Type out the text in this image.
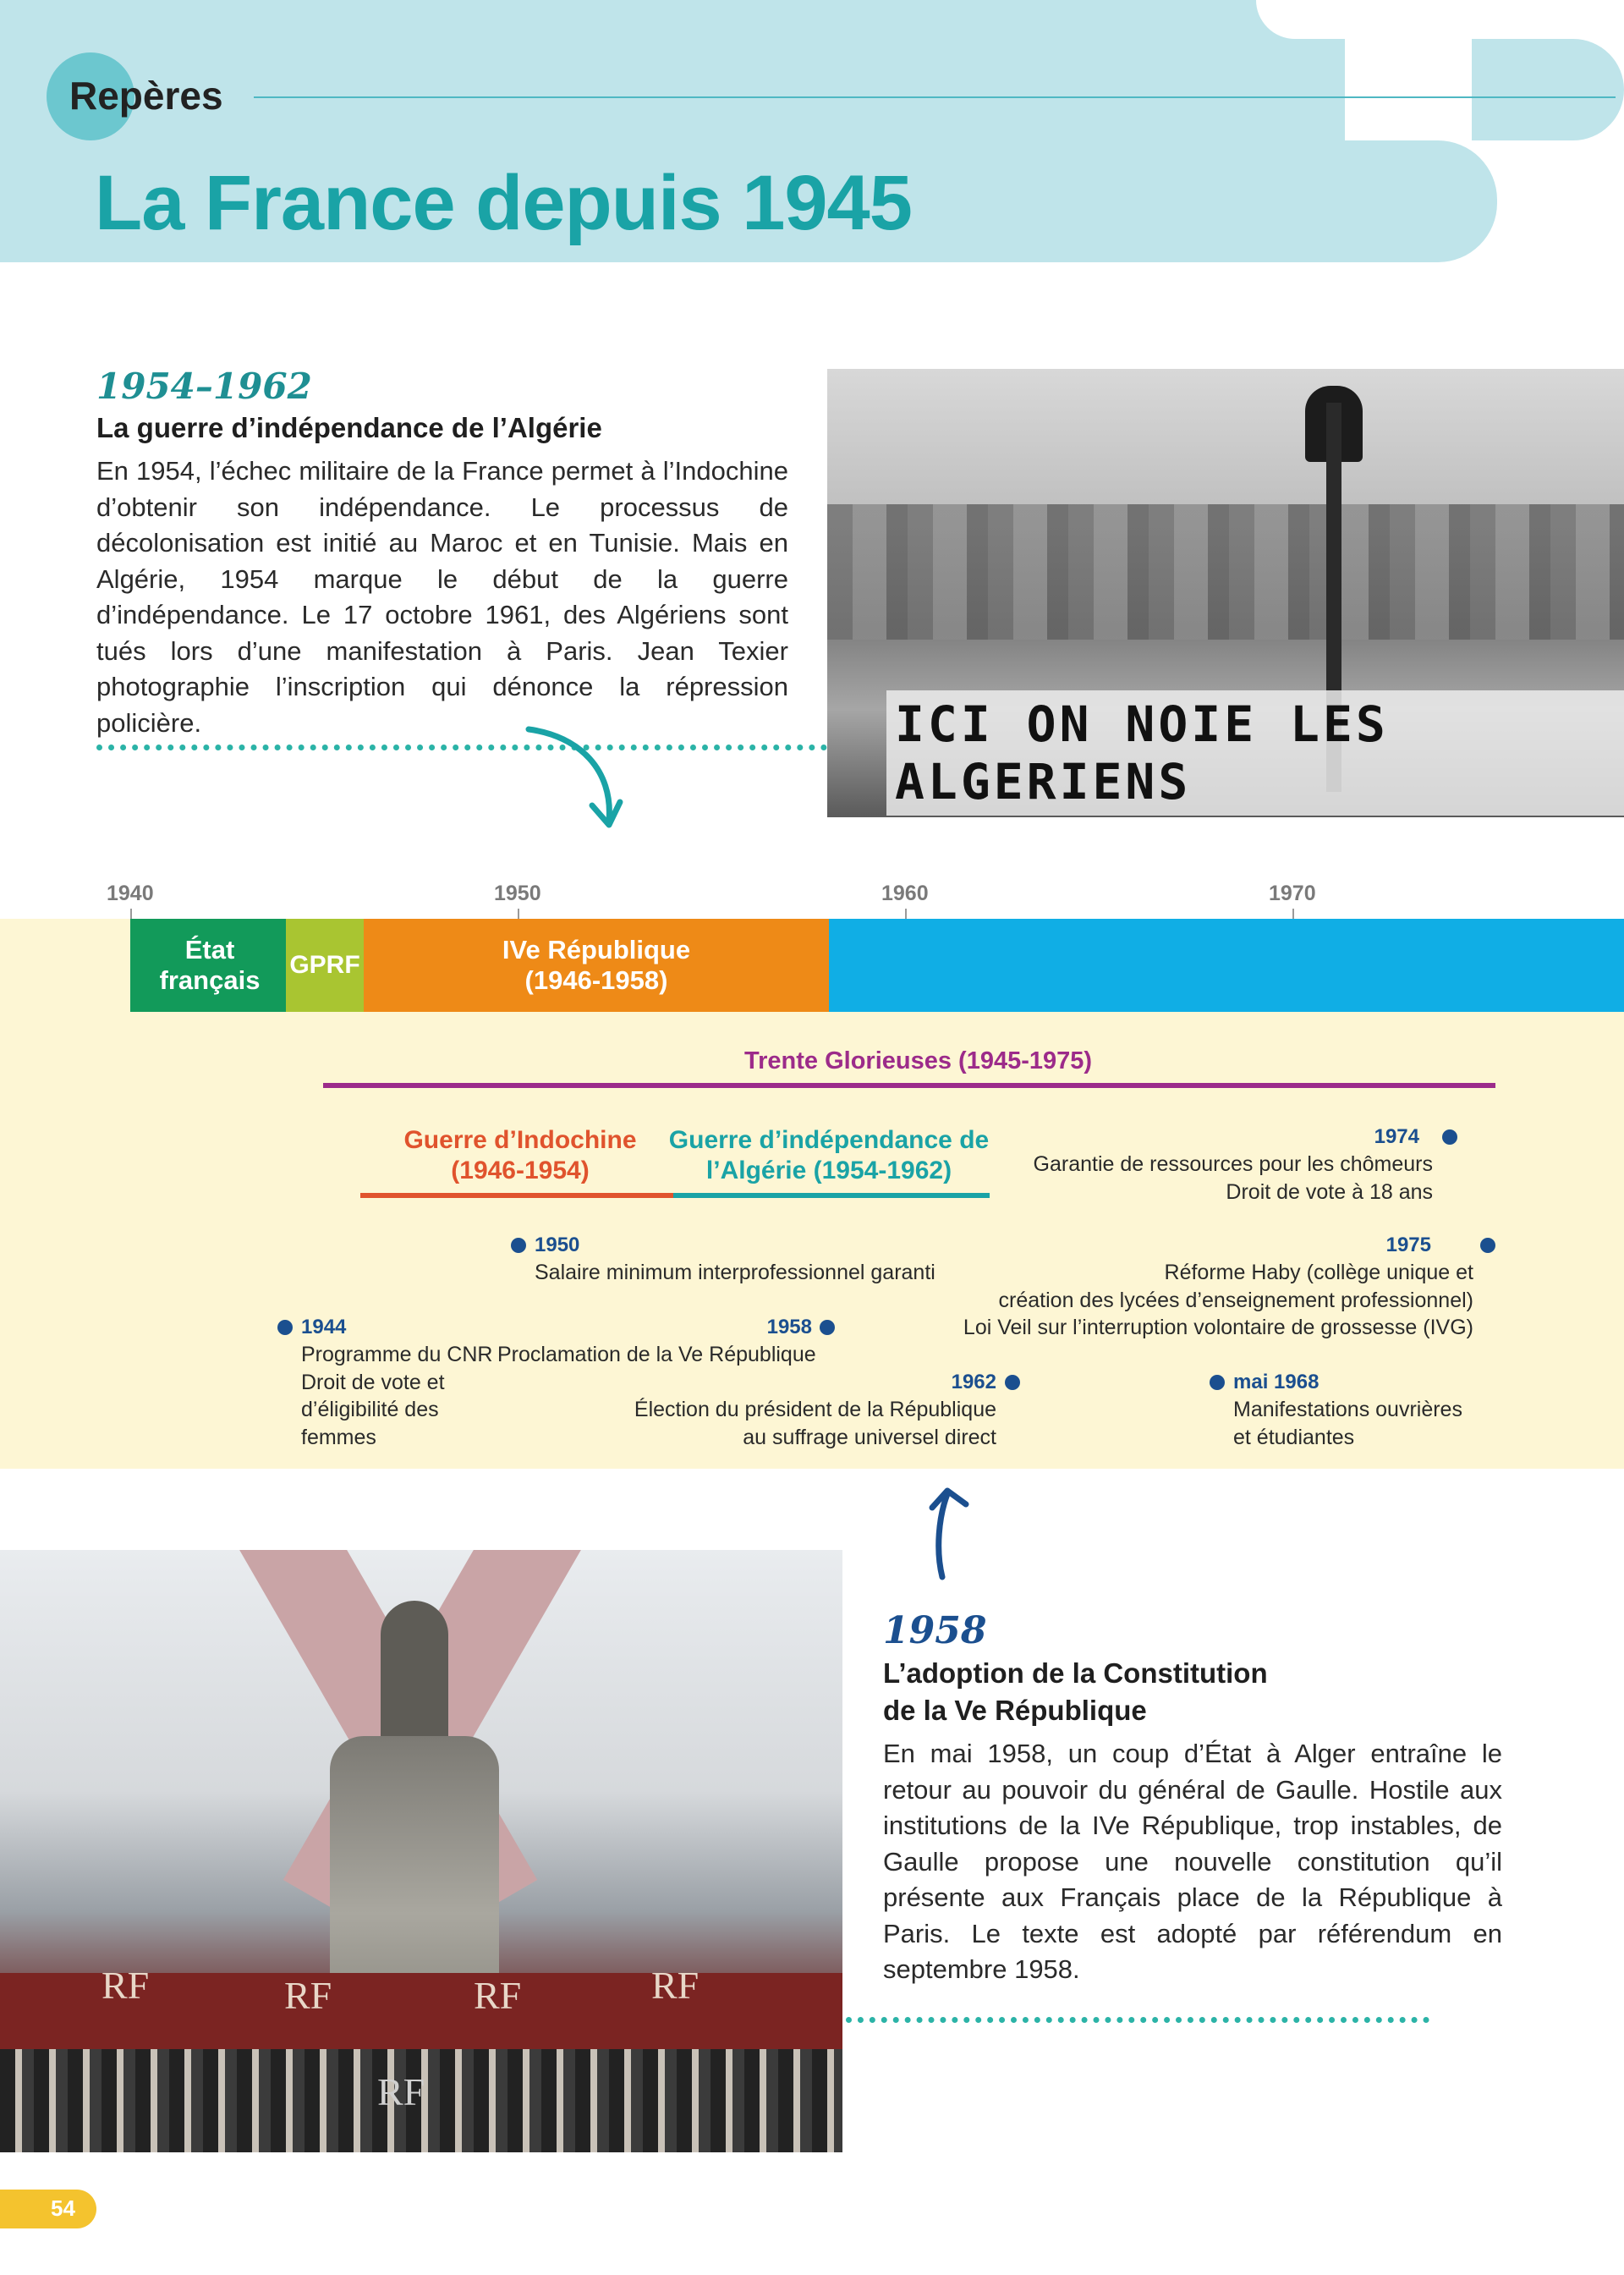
Repères
La France depuis 1945
1954–1962
La guerre d’indépendance de l’Algérie
En 1954, l’échec militaire de la France permet à l’Indochine d’obtenir son indépendance. Le processus de décolonisation est initié au Maroc et en Tunisie. Mais en Algérie, 1954 marque le début de la guerre d’indépendance. Le 17 octobre 1961, des Algériens sont tués lors d’une manifestation à Paris. Jean Texier photographie l’inscription qui dénonce la répression policière.	ICI ON NOIE LES ALGERIENS
1940	1950	1960	1970
État français
GPRF
IVe République
(1946-1958)
Trente Glorieuses (1945-1975)
Guerre d’Indochine
(1946-1954)
Guerre d’indépendance de
l’Algérie (1954-1962)
1974
Garantie de ressources pour les chômeurs
Droit de vote à 18 ans
1950
Salaire minimum interprofessionnel garanti
1975
Réforme Haby (collège unique et
création des lycées d’enseignement professionnel)
Loi Veil sur l’interruption volontaire de grossesse (IVG)
1944
Programme du CNR
Droit de vote et
d’éligibilité des
femmes
1958
Proclamation de la Ve République
1962
Élection du président de la République
au suffrage universel direct
mai 1968
Manifestations ouvrières
et étudiantes
RF	RF	RF	RF
RF
1958
L’adoption de la Constitution
de la Ve République
En mai 1958, un coup d’État à Alger entraîne le retour au pouvoir du général de Gaulle. Hostile aux institutions de la IVe République, trop instables, de Gaulle propose une nouvelle constitution qu’il présente aux Français place de la République à Paris. Le texte est adopté par référendum en septembre 1958.
54
